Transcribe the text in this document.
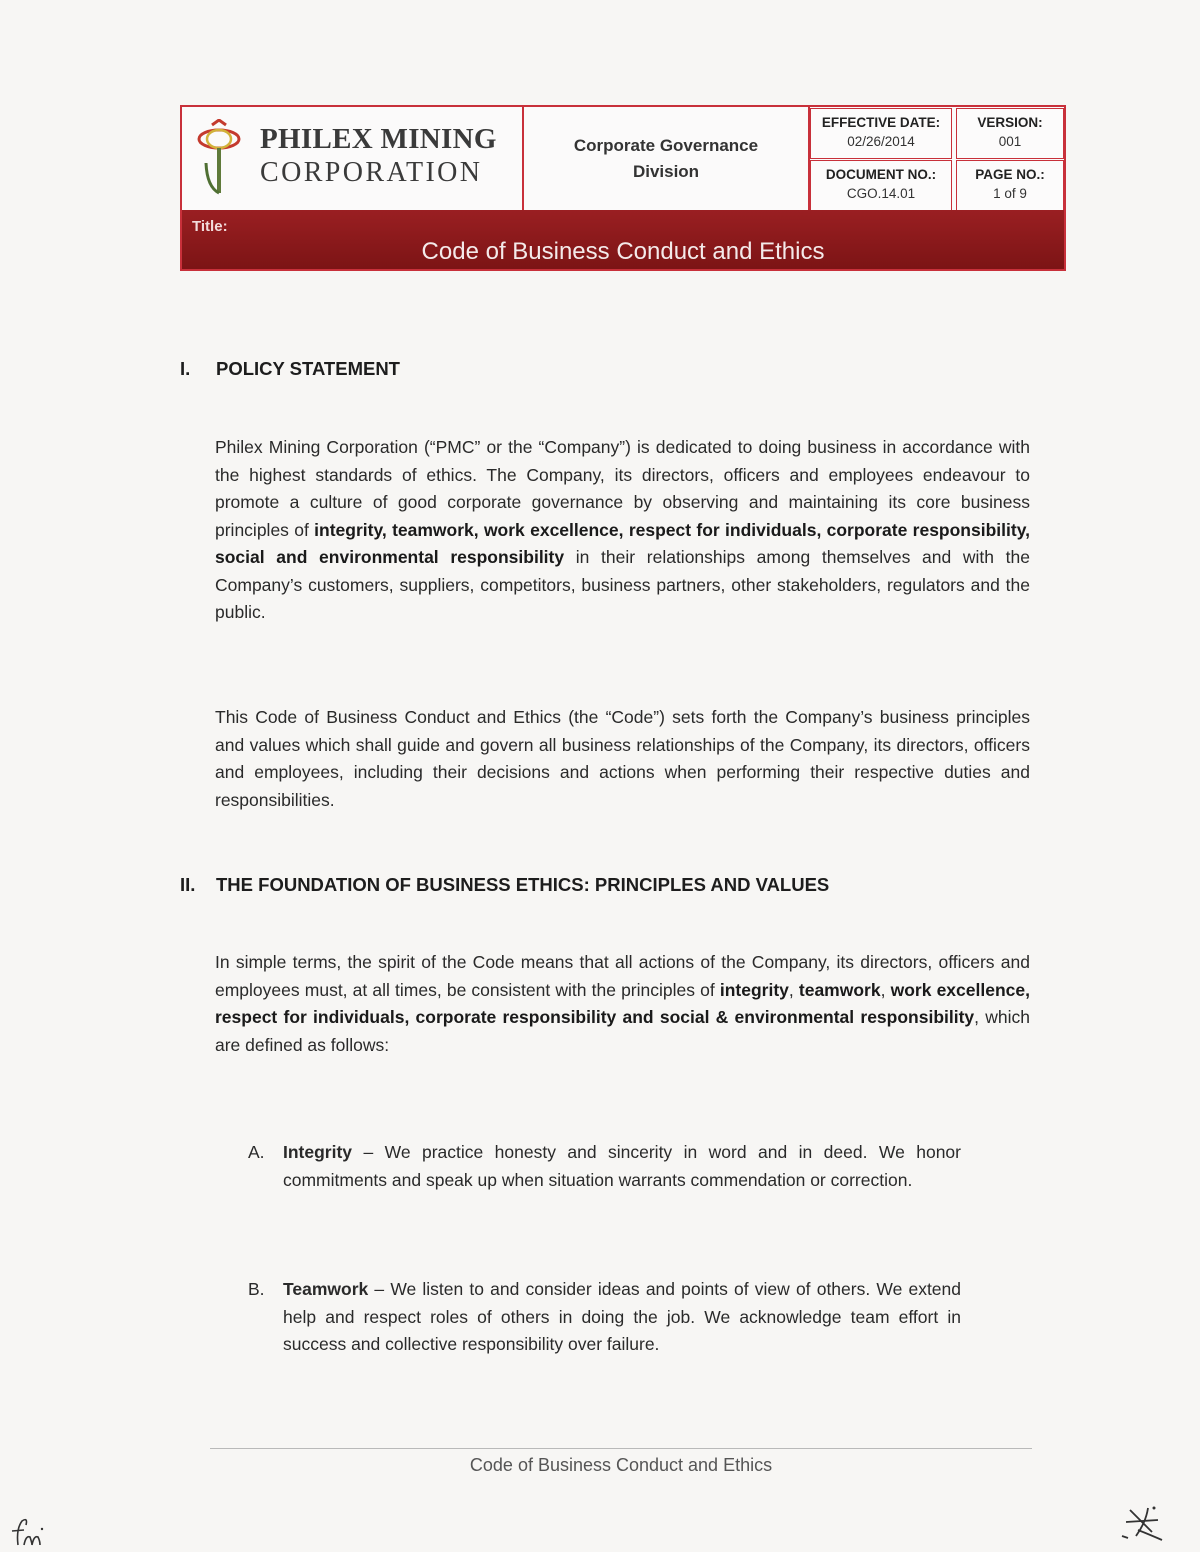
PHILEX MINING
CORPORATION
Corporate Governance
Division
EFFECTIVE DATE:
02/26/2014
VERSION:
001
DOCUMENT NO.:
CGO.14.01
PAGE NO.:
1 of 9
Title:
Code of Business Conduct and Ethics
I. POLICY STATEMENT

Philex Mining Corporation (“PMC” or the “Company”) is dedicated to doing business in accordance with the highest standards of ethics. The Company, its directors, officers and employees endeavour to promote a culture of good corporate governance by observing and maintaining its core business principles of integrity, teamwork, work excellence, respect for individuals, corporate responsibility, social and environmental responsibility in their relationships among themselves and with the Company’s customers, suppliers, competitors, business partners, other stakeholders, regulators and the public.

This Code of Business Conduct and Ethics (the “Code”) sets forth the Company’s business principles and values which shall guide and govern all business relationships of the Company, its directors, officers and employees, including their decisions and actions when performing their respective duties and responsibilities.

II. THE FOUNDATION OF BUSINESS ETHICS: PRINCIPLES AND VALUES

In simple terms, the spirit of the Code means that all actions of the Company, its directors, officers and employees must, at all times, be consistent with the principles of integrity, teamwork, work excellence, respect for individuals, corporate responsibility and social & environmental responsibility, which are defined as follows:

A. Integrity – We practice honesty and sincerity in word and in deed. We honor commitments and speak up when situation warrants commendation or correction.
B. Teamwork – We listen to and consider ideas and points of view of others. We extend help and respect roles of others in doing the job. We acknowledge team effort in success and collective responsibility over failure.
Code of Business Conduct and Ethics
